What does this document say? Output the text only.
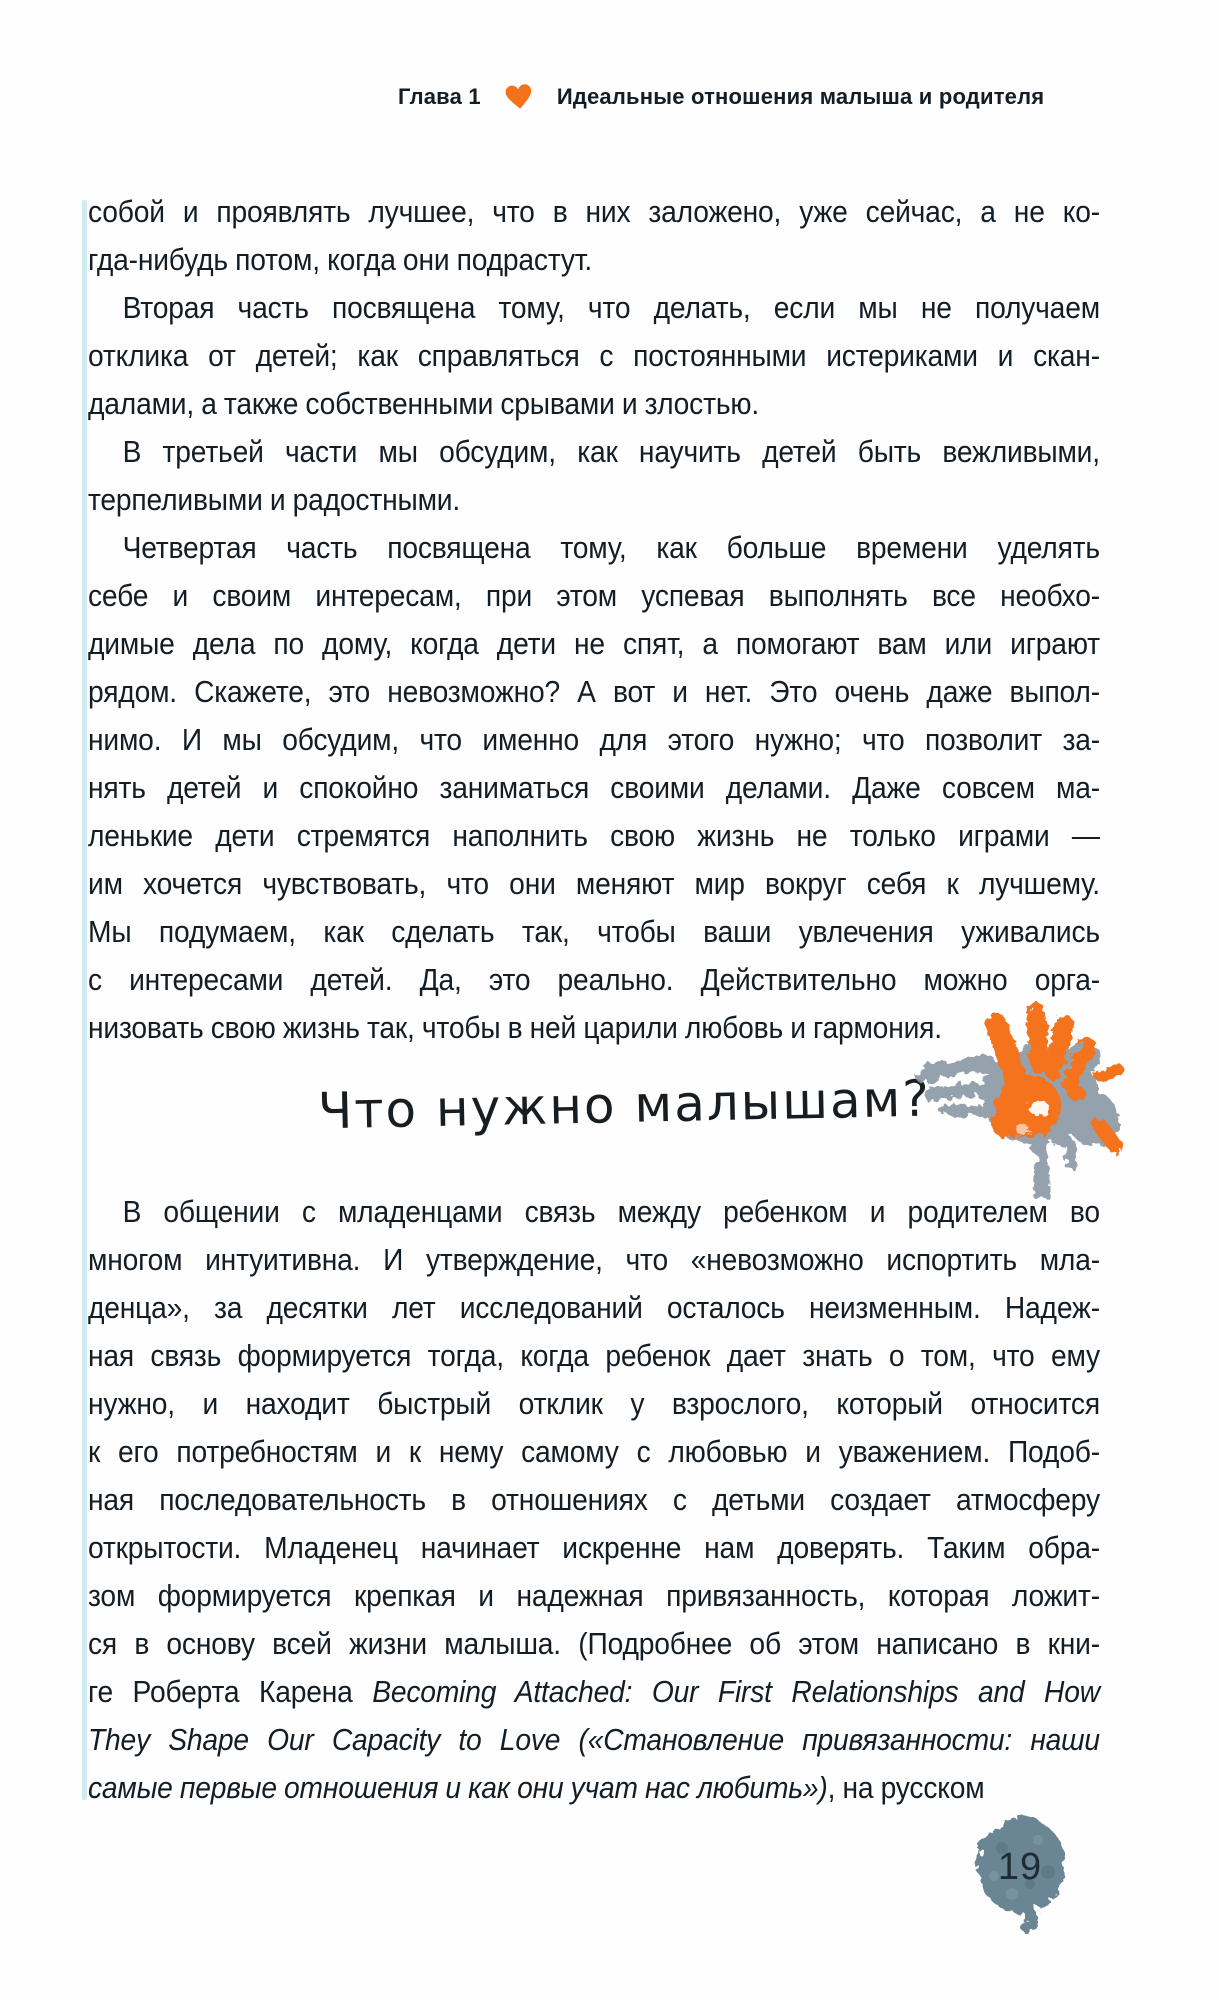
Глава 1	Идеальные отношения малыша и родителя
собой и проявлять лучшее, что в них заложено, уже сейчас, а не ко-
гда-нибудь потом, когда они подрастут.
Вторая часть посвящена тому, что делать, если мы не получаем
отклика от детей; как справляться с постоянными истериками и скан-
далами, а также собственными срывами и злостью.
В третьей части мы обсудим, как научить детей быть вежливыми,
терпеливыми и радостными.
Четвертая часть посвящена тому, как больше времени уделять
себе и своим интересам, при этом успевая выполнять все необхо-
димые дела по дому, когда дети не спят, а помогают вам или играют
рядом. Скажете, это невозможно? А вот и нет. Это очень даже выпол-
нимо. И мы обсудим, что именно для этого нужно; что позволит за-
нять детей и спокойно заниматься своими делами. Даже совсем ма-
ленькие дети стремятся наполнить свою жизнь не только играми —
им хочется чувствовать, что они меняют мир вокруг себя к лучшему.
Мы подумаем, как сделать так, чтобы ваши увлечения уживались
с интересами детей. Да, это реально. Действительно можно орга-
низовать свою жизнь так, чтобы в ней царили любовь и гармония.
Что нужно малышам?
В общении с младенцами связь между ребенком и родителем во
многом интуитивна. И утверждение, что «невозможно испортить мла-
денца», за десятки лет исследований осталось неизменным. Надеж-
ная связь формируется тогда, когда ребенок дает знать о том, что ему
нужно, и находит быстрый отклик у взрослого, который относится
к его потребностям и к нему самому с любовью и уважением. Подоб-
ная последовательность в отношениях с детьми создает атмосферу
открытости. Младенец начинает искренне нам доверять. Таким обра-
зом формируется крепкая и надежная привязанность, которая ложит-
ся в основу всей жизни малыша. (Подробнее об этом написано в кни-
ге Роберта Карена Becoming Attached: Our First Relationships and How
They Shape Our Capacity to Love («Становление привязанности: наши
самые первые отношения и как они учат нас любить»), на русском
19
